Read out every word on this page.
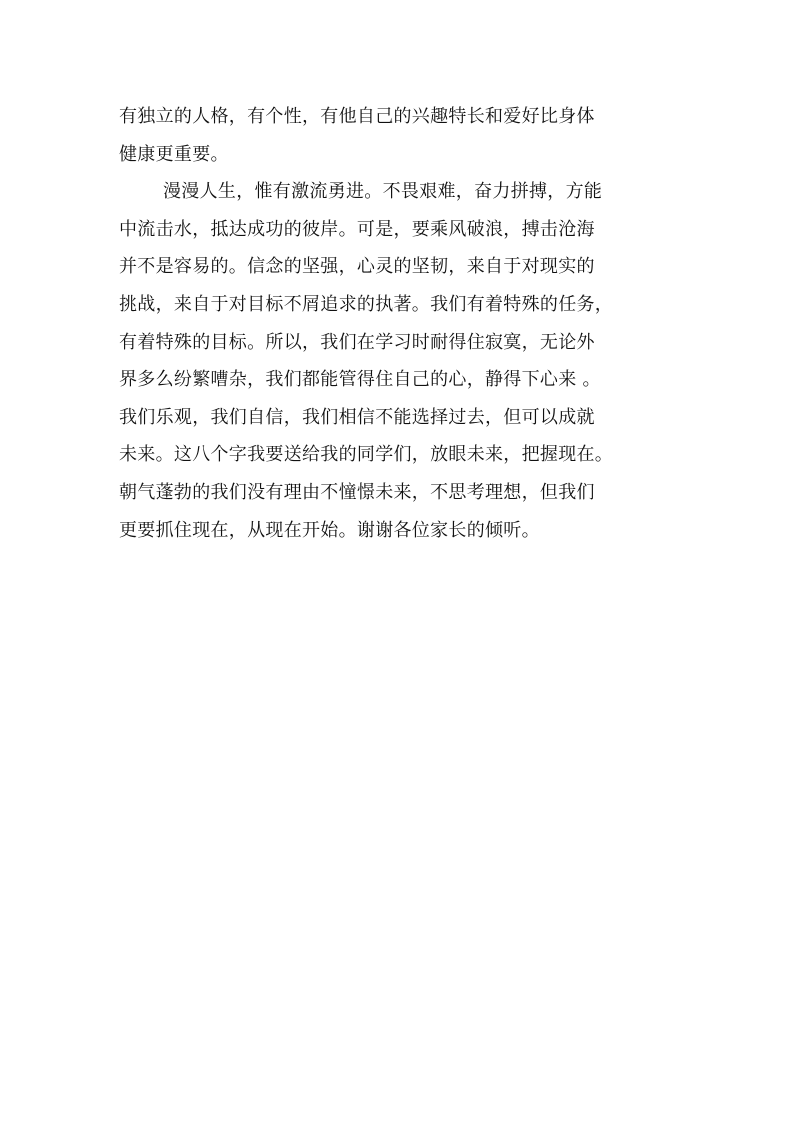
有独立的人格，有个性，有他自己的兴趣特长和爱好比身体
健康更重要。
漫漫人生，惟有激流勇进。不畏艰难，奋力拼搏，方能
中流击水，抵达成功的彼岸。可是，要乘风破浪，搏击沧海
并不是容易的。信念的坚强，心灵的坚韧，来自于对现实的
挑战，来自于对目标不屑追求的执著。我们有着特殊的任务，
有着特殊的目标。所以，我们在学习时耐得住寂寞，无论外
界多么纷繁嘈杂，我们都能管得住自己的心，静得下心来 。
我们乐观，我们自信，我们相信不能选择过去，但可以成就
未来。这八个字我要送给我的同学们，放眼未来，把握现在。
朝气蓬勃的我们没有理由不憧憬未来，不思考理想，但我们
更要抓住现在，从现在开始。谢谢各位家长的倾听。
